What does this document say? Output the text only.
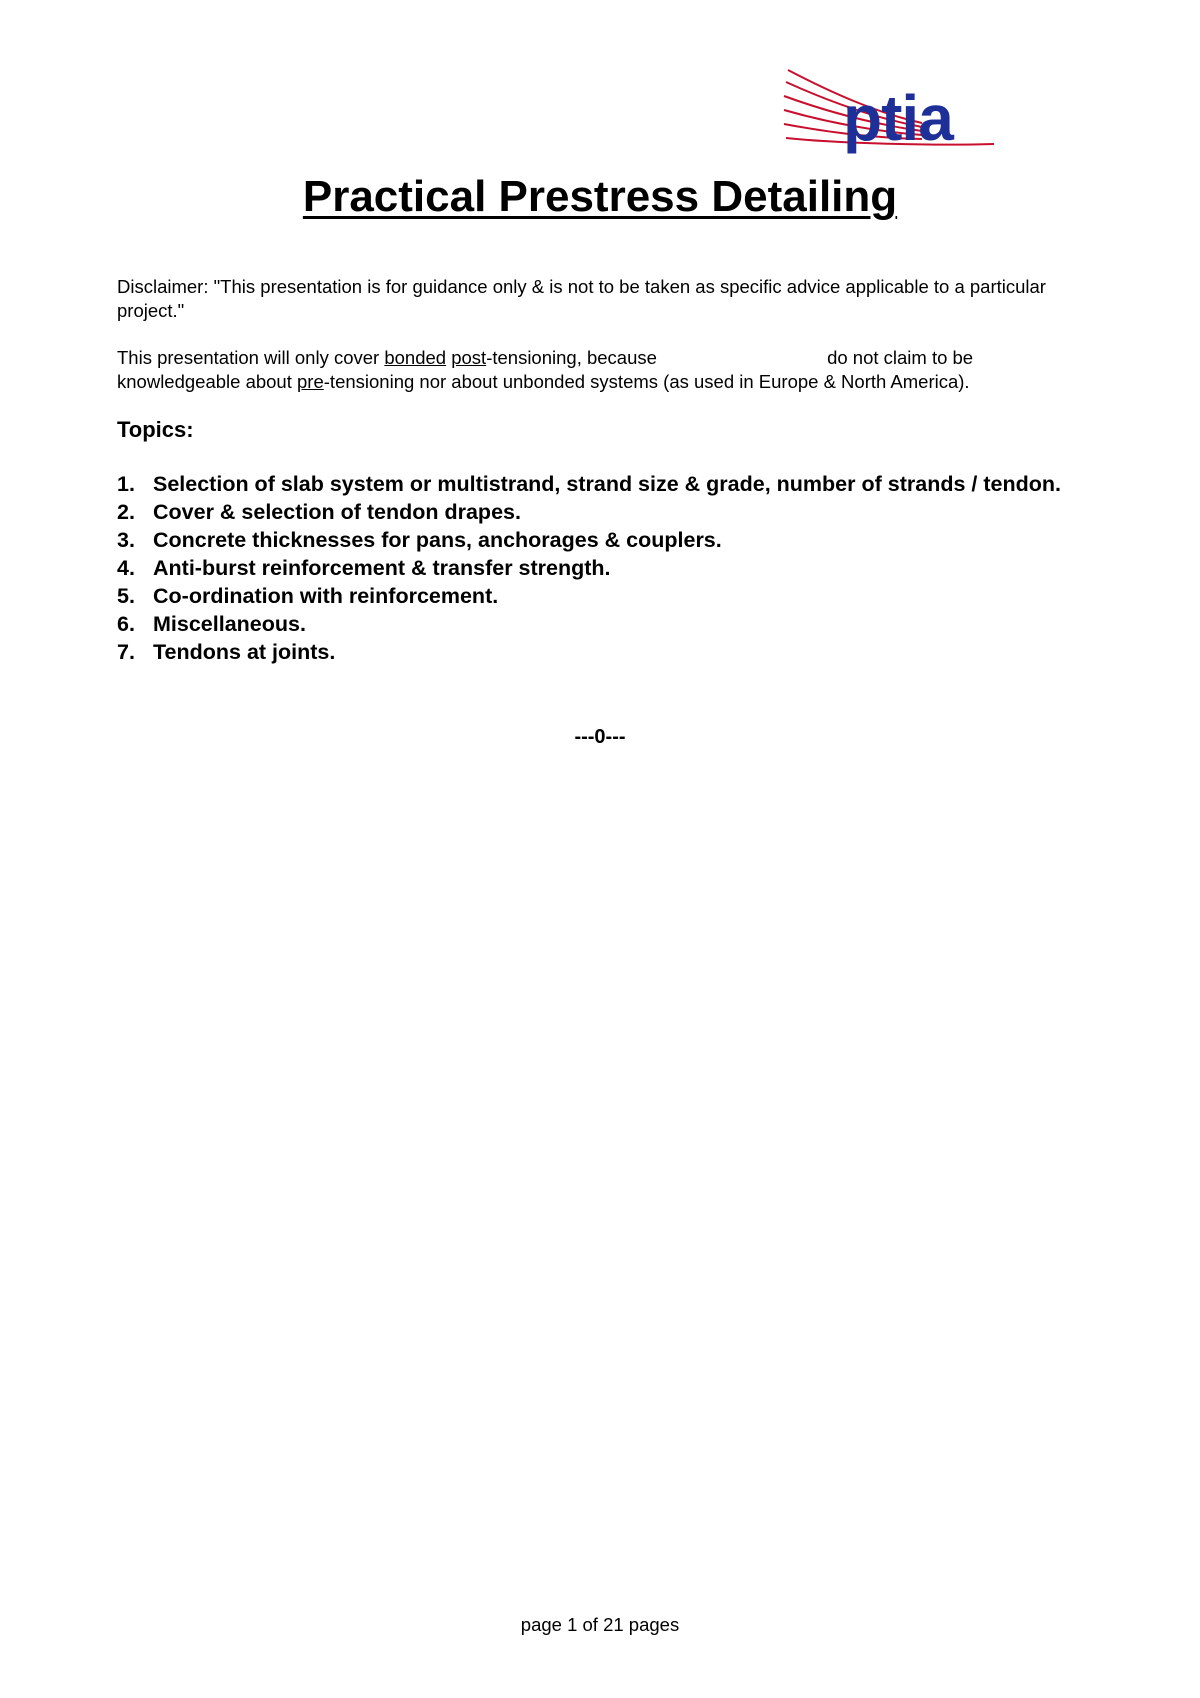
ptia
Practical Prestress Detailing
Disclaimer: "This presentation is for guidance only & is not to be taken as specific advice applicable to a particular project."
This presentation will only cover bonded post-tensioning, because	do not claim to be knowledgeable about pre-tensioning nor about unbonded systems (as used in Europe & North America).
Topics:
1. Selection of slab system or multistrand, strand size & grade, number of strands / tendon.
2. Cover & selection of tendon drapes.
3. Concrete thicknesses for pans, anchorages & couplers.
4. Anti-burst reinforcement & transfer strength.
5. Co-ordination with reinforcement.
6. Miscellaneous.
7. Tendons at joints.
---0---
page 1 of 21 pages
